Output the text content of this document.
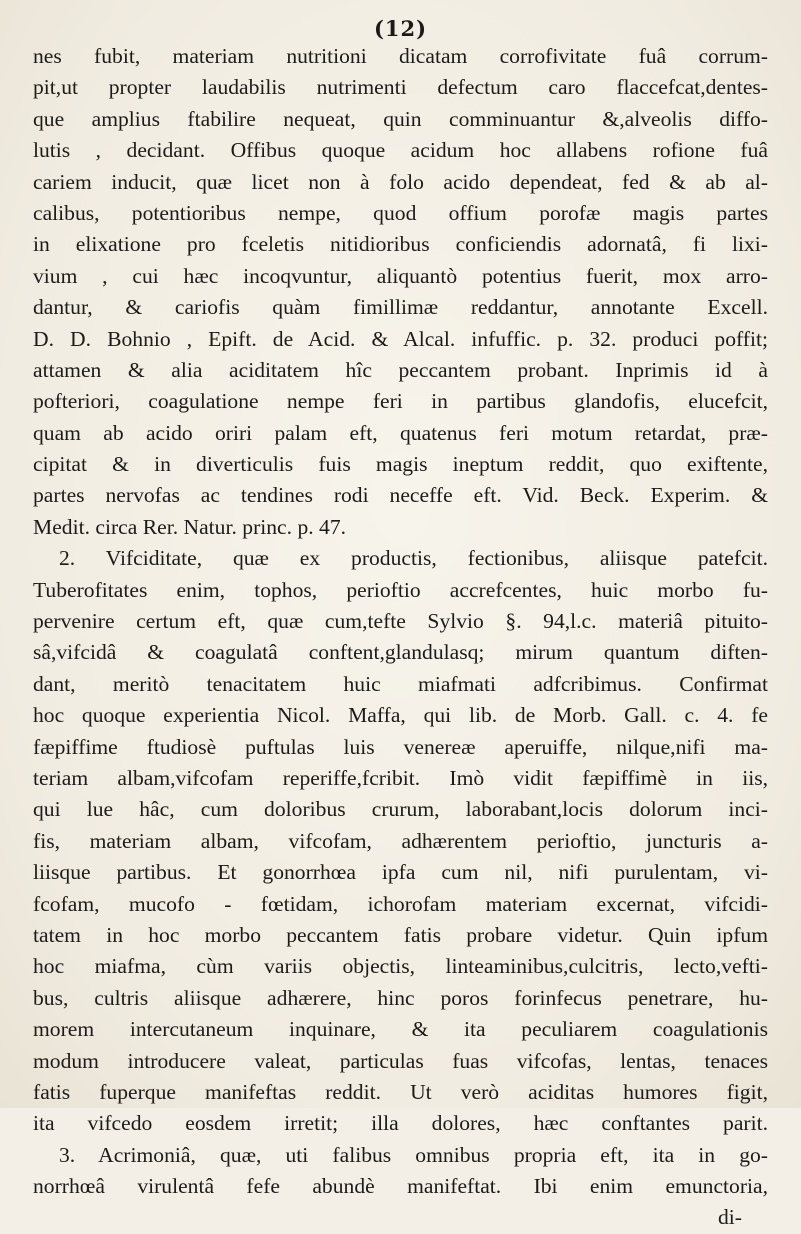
(12)
nes fubit, materiam nutritioni dicatam corrofivitate fuâ corrum-
pit,ut propter laudabilis nutrimenti defectum caro flaccefcat,dentes-
que amplius ftabilire nequeat, quin comminuantur &,alveolis diffo-
lutis , decidant. Offibus quoque acidum hoc allabens rofione fuâ
cariem inducit, quæ licet non à folo acido dependeat, fed & ab al-
calibus, potentioribus nempe, quod offium porofæ magis partes
in elixatione pro fceletis nitidioribus conficiendis adornatâ, fi lixi-
vium , cui hæc incoqvuntur, aliquantò potentius fuerit, mox arro-
dantur, & cariofis quàm fimillimæ reddantur, annotante Excell.
D. D. Bohnio , Epift. de Acid. & Alcal. infuffic. p. 32. produci poffit;
attamen & alia aciditatem hîc peccantem probant. Inprimis id à
pofteriori, coagulatione nempe feri in partibus glandofis, elucefcit,
quam ab acido oriri palam eft, quatenus feri motum retardat, præ-
cipitat & in diverticulis fuis magis ineptum reddit, quo exiftente,
partes nervofas ac tendines rodi neceffe eft. Vid. Beck. Experim. &
Medit. circa Rer. Natur. princ. p. 47.
2. Vifciditate, quæ ex productis, fectionibus, aliisque patefcit.
Tuberofitates enim, tophos, perioftio accrefcentes, huic morbo fu-
pervenire certum eft, quæ cum,tefte Sylvio §. 94,l.c. materiâ pituito-
sâ,vifcidâ & coagulatâ conftent,glandulasq; mirum quantum diften-
dant, meritò tenacitatem huic miafmati adfcribimus. Confirmat
hoc quoque experientia Nicol. Maffa, qui lib. de Morb. Gall. c. 4. fe
fæpiffime ftudiosè puftulas luis venereæ aperuiffe, nilque,nifi ma-
teriam albam,vifcofam reperiffe,fcribit. Imò vidit fæpiffimè in iis,
qui lue hâc, cum doloribus crurum, laborabant,locis dolorum inci-
fis, materiam albam, vifcofam, adhærentem perioftio, juncturis a-
liisque partibus. Et gonorrhœa ipfa cum nil, nifi purulentam, vi-
fcofam, mucofo - fœtidam, ichorofam materiam excernat, vifcidi-
tatem in hoc morbo peccantem fatis probare videtur. Quin ipfum
hoc miafma, cùm variis objectis, linteaminibus,culcitris, lecto,vefti-
bus, cultris aliisque adhærere, hinc poros forinfecus penetrare, hu-
morem intercutaneum inquinare, & ita peculiarem coagulationis
modum introducere valeat, particulas fuas vifcofas, lentas, tenaces
fatis fuperque manifeftas reddit. Ut verò aciditas humores figit,
ita vifcedo eosdem irretit; illa dolores, hæc conftantes parit.
3. Acrimoniâ, quæ, uti falibus omnibus propria eft, ita in go-
norrhœâ virulentâ fefe abundè manifeftat. Ibi enim emunctoria,
di-
